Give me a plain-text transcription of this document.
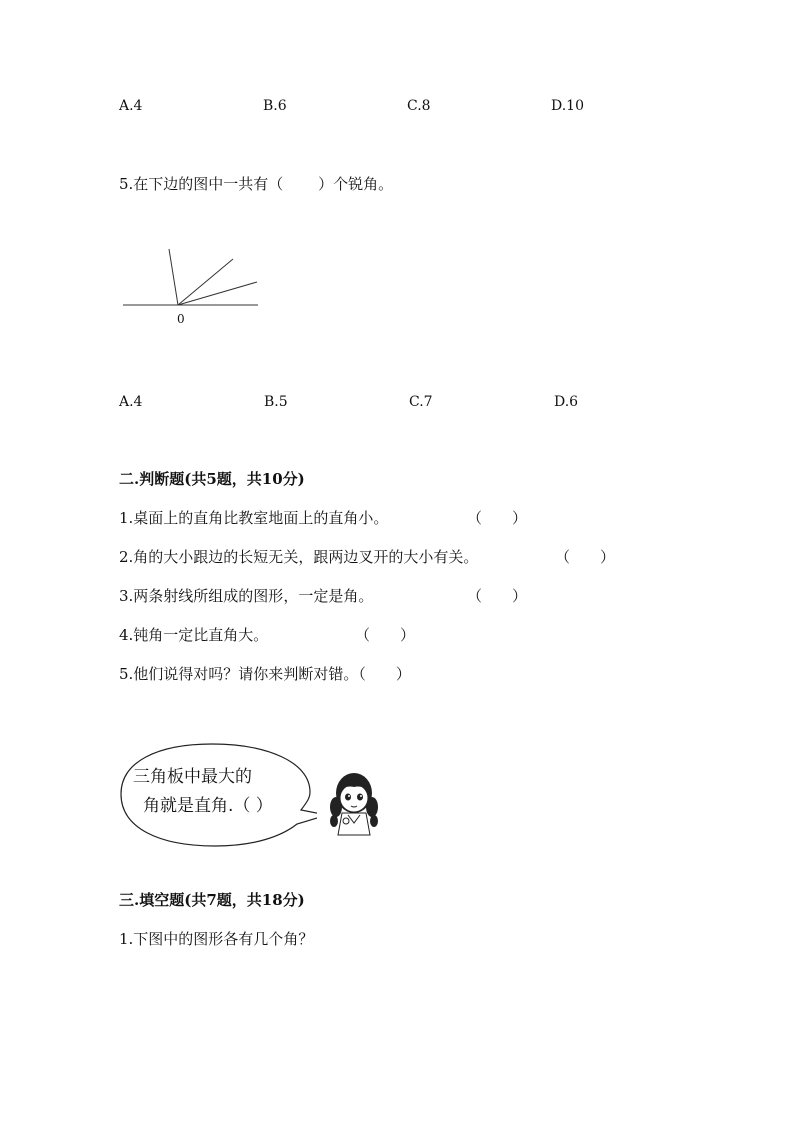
A.4	B.6	C.8	D.10
5.在下边的图中一共有（　　 ）个锐角。
0
A.4	B.5	C.7	D.6
二.判断题(共5题，共10分)
1.桌面上的直角比教室地面上的直角小。	（　　）
2.角的大小跟边的长短无关，跟两边叉开的大小有关。	（　　）
3.两条射线所组成的图形，一定是角。	（　　）
4.钝角一定比直角大。	（　　）
5.他们说得对吗？请你来判断对错。（　　）
三角板中最大的
角就是直角.（ ）
三.填空题(共7题，共18分)
1.下图中的图形各有几个角？
